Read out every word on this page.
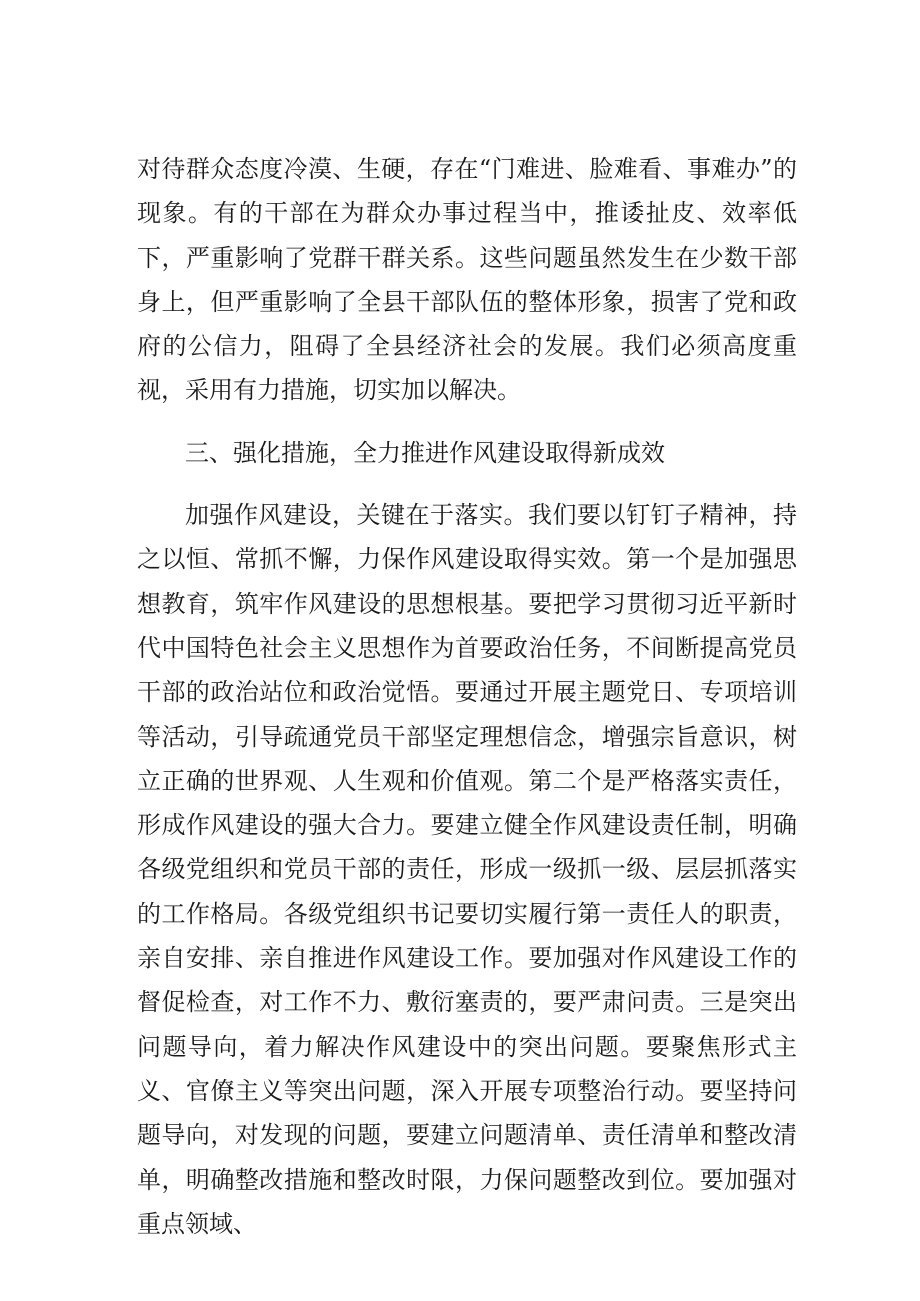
对待群众态度冷漠、生硬，存在“门难进、脸难看、事难办”的现象。有的干部在为群众办事过程当中，推诿扯皮、效率低下，严重影响了党群干群关系。这些问题虽然发生在少数干部身上，但严重影响了全县干部队伍的整体形象，损害了党和政府的公信力，阻碍了全县经济社会的发展。我们必须高度重视，采用有力措施，切实加以解决。

三、强化措施，全力推进作风建设取得新成效

加强作风建设，关键在于落实。我们要以钉钉子精神，持之以恒、常抓不懈，力保作风建设取得实效。第一个是加强思想教育，筑牢作风建设的思想根基。要把学习贯彻习近平新时代中国特色社会主义思想作为首要政治任务，不间断提高党员干部的政治站位和政治觉悟。要通过开展主题党日、专项培训等活动，引导疏通党员干部坚定理想信念，增强宗旨意识，树立正确的世界观、人生观和价值观。第二个是严格落实责任，形成作风建设的强大合力。要建立健全作风建设责任制，明确各级党组织和党员干部的责任，形成一级抓一级、层层抓落实的工作格局。各级党组织书记要切实履行第一责任人的职责，亲自安排、亲自推进作风建设工作。要加强对作风建设工作的督促检查，对工作不力、敷衍塞责的，要严肃问责。三是突出问题导向，着力解决作风建设中的突出问题。要聚焦形式主义、官僚主义等突出问题，深入开展专项整治行动。要坚持问题导向，对发现的问题，要建立问题清单、责任清单和整改清单，明确整改措施和整改时限，力保问题整改到位。要加强对重点领域、
